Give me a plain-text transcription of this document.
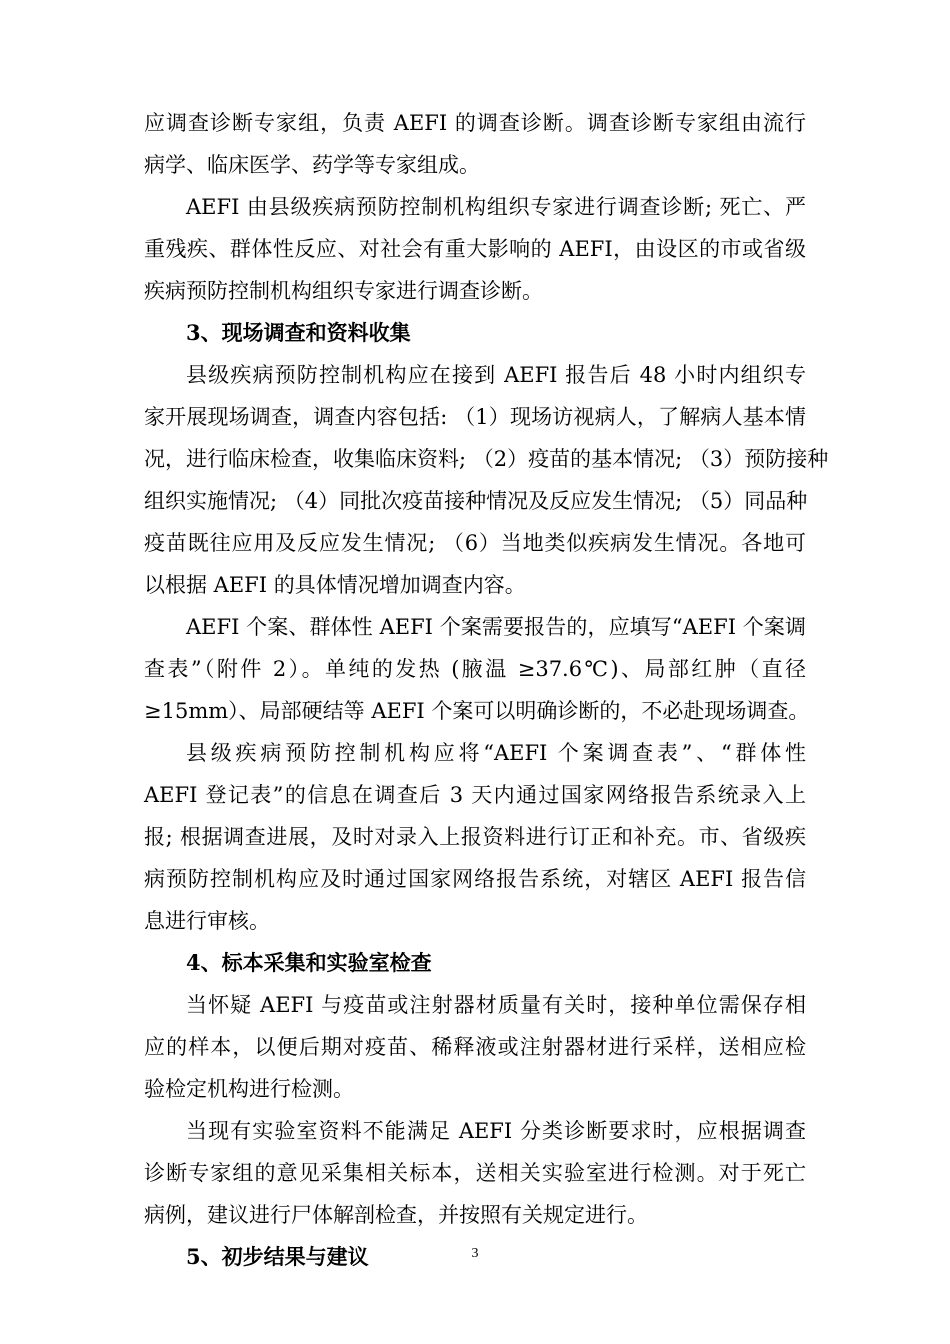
应调查诊断专家组，负责 AEFI 的调查诊断。调查诊断专家组由流行
病学、临床医学、药学等专家组成。
AEFI 由县级疾病预防控制机构组织专家进行调查诊断; 死亡、严
重残疾、群体性反应、对社会有重大影响的 AEFI，由设区的市或省级
疾病预防控制机构组织专家进行调查诊断。
3、现场调查和资料收集
县级疾病预防控制机构应在接到 AEFI 报告后 48 小时内组织专
家开展现场调查，调查内容包括: （1）现场访视病人，了解病人基本情
况，进行临床检查，收集临床资料; （2）疫苗的基本情况; （3）预防接种
组织实施情况; （4）同批次疫苗接种情况及反应发生情况; （5）同品种
疫苗既往应用及反应发生情况; （6）当地类似疾病发生情况。各地可
以根据 AEFI 的具体情况增加调查内容。
AEFI 个案、群体性 AEFI 个案需要报告的，应填写“AEFI 个案调
查表”（附件 2）。单纯的发热 (腋温 ≥37.6℃)、局部红肿（直径
≥15mm）、局部硬结等 AEFI 个案可以明确诊断的，不必赴现场调查。
县级疾病预防控制机构应将“AEFI 个案调查表”、“群体性
AEFI 登记表”的信息在调查后 3 天内通过国家网络报告系统录入上
报; 根据调查进展，及时对录入上报资料进行订正和补充。市、省级疾
病预防控制机构应及时通过国家网络报告系统，对辖区 AEFI 报告信
息进行审核。
4、标本采集和实验室检查
当怀疑 AEFI 与疫苗或注射器材质量有关时，接种单位需保存相
应的样本，以便后期对疫苗、稀释液或注射器材进行采样，送相应检
验检定机构进行检测。
当现有实验室资料不能满足 AEFI 分类诊断要求时，应根据调查
诊断专家组的意见采集相关标本，送相关实验室进行检测。对于死亡
病例，建议进行尸体解剖检查，并按照有关规定进行。
5、初步结果与建议	3
